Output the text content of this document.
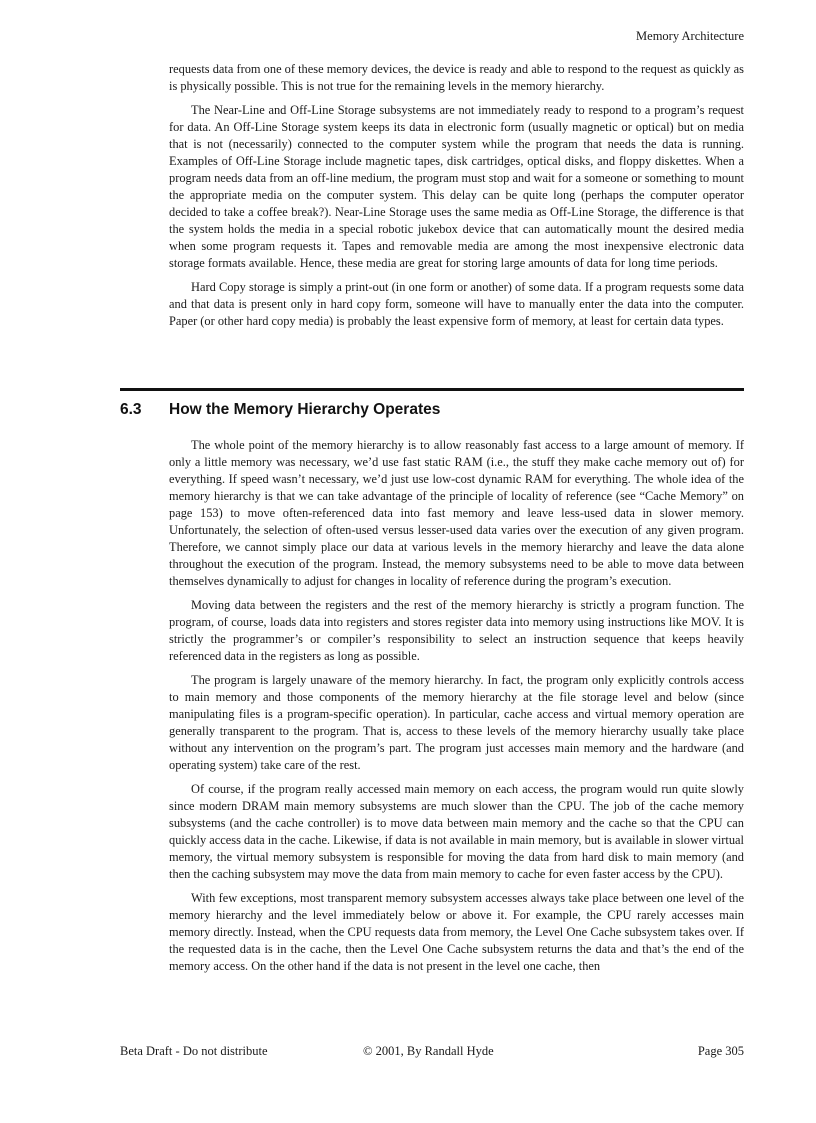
Memory Architecture

requests data from one of these memory devices, the device is ready and able to respond to the request as quickly as is physically possible. This is not true for the remaining levels in the memory hierarchy.

The Near-Line and Off-Line Storage subsystems are not immediately ready to respond to a program’s request for data. An Off-Line Storage system keeps its data in electronic form (usually magnetic or optical) but on media that is not (necessarily) connected to the computer system while the program that needs the data is running. Examples of Off-Line Storage include magnetic tapes, disk cartridges, optical disks, and floppy diskettes. When a program needs data from an off-line medium, the program must stop and wait for a someone or something to mount the appropriate media on the computer system. This delay can be quite long (perhaps the computer operator decided to take a coffee break?). Near-Line Storage uses the same media as Off-Line Storage, the difference is that the system holds the media in a special robotic jukebox device that can automatically mount the desired media when some program requests it. Tapes and removable media are among the most inexpensive electronic data storage formats available. Hence, these media are great for storing large amounts of data for long time periods.

Hard Copy storage is simply a print-out (in one form or another) of some data. If a program requests some data and that data is present only in hard copy form, someone will have to manually enter the data into the computer. Paper (or other hard copy media) is probably the least expensive form of memory, at least for certain data types.

6.3 How the Memory Hierarchy Operates

The whole point of the memory hierarchy is to allow reasonably fast access to a large amount of memory. If only a little memory was necessary, we’d use fast static RAM (i.e., the stuff they make cache memory out of) for everything. If speed wasn’t necessary, we’d just use low-cost dynamic RAM for everything. The whole idea of the memory hierarchy is that we can take advantage of the principle of locality of reference (see “Cache Memory” on page 153) to move often-referenced data into fast memory and leave less-used data in slower memory. Unfortunately, the selection of often-used versus lesser-used data varies over the execution of any given program. Therefore, we cannot simply place our data at various levels in the memory hierarchy and leave the data alone throughout the execution of the program. Instead, the memory subsystems need to be able to move data between themselves dynamically to adjust for changes in locality of reference during the program’s execution.

Moving data between the registers and the rest of the memory hierarchy is strictly a program function. The program, of course, loads data into registers and stores register data into memory using instructions like MOV. It is strictly the programmer’s or compiler’s responsibility to select an instruction sequence that keeps heavily referenced data in the registers as long as possible.

The program is largely unaware of the memory hierarchy. In fact, the program only explicitly controls access to main memory and those components of the memory hierarchy at the file storage level and below (since manipulating files is a program-specific operation). In particular, cache access and virtual memory operation are generally transparent to the program. That is, access to these levels of the memory hierarchy usually take place without any intervention on the program’s part. The program just accesses main memory and the hardware (and operating system) take care of the rest.

Of course, if the program really accessed main memory on each access, the program would run quite slowly since modern DRAM main memory subsystems are much slower than the CPU. The job of the cache memory subsystems (and the cache controller) is to move data between main memory and the cache so that the CPU can quickly access data in the cache. Likewise, if data is not available in main memory, but is available in slower virtual memory, the virtual memory subsystem is responsible for moving the data from hard disk to main memory (and then the caching subsystem may move the data from main memory to cache for even faster access by the CPU).

With few exceptions, most transparent memory subsystem accesses always take place between one level of the memory hierarchy and the level immediately below or above it. For example, the CPU rarely accesses main memory directly. Instead, when the CPU requests data from memory, the Level One Cache subsystem takes over. If the requested data is in the cache, then the Level One Cache subsystem returns the data and that’s the end of the memory access. On the other hand if the data is not present in the level one cache, then

Beta Draft - Do not distribute	© 2001, By Randall Hyde	Page 305
